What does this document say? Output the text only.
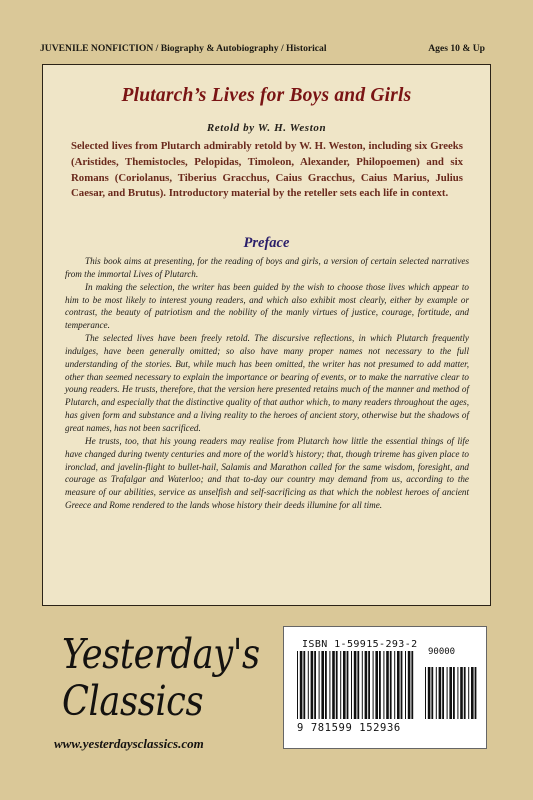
JUVENILE NONFICTION / Biography & Autobiography / Historical	Ages 10 & Up
Plutarch’s Lives for Boys and Girls
Retold by W. H. Weston
Selected lives from Plutarch admirably retold by W. H. Weston, including six Greeks (Aristides, Themistocles, Pelopidas, Timoleon, Alexander, Philopoemen) and six Romans (Coriolanus, Tiberius Gracchus, Caius Gracchus, Caius Marius, Julius Caesar, and Brutus). Introductory material by the reteller sets each life in context.
Preface

This book aims at presenting, for the reading of boys and girls, a version of certain selected narratives from the immortal Lives of Plutarch.

In making the selection, the writer has been guided by the wish to choose those lives which appear to him to be most likely to interest young readers, and which also exhibit most clearly, either by example or contrast, the beauty of patriotism and the nobility of the manly virtues of justice, courage, fortitude, and temperance.

The selected lives have been freely retold. The discursive reflections, in which Plutarch frequently indulges, have been generally omitted; so also have many proper names not necessary to the full understanding of the stories. But, while much has been omitted, the writer has not presumed to add matter, other than seemed necessary to explain the importance or bearing of events, or to make the narrative clear to young readers. He trusts, therefore, that the version here presented retains much of the manner and method of Plutarch, and especially that the distinctive quality of that author which, to many readers throughout the ages, has given form and substance and a living reality to the heroes of ancient story, otherwise but the shadows of great names, has not been sacrificed.

He trusts, too, that his young readers may realise from Plutarch how little the essential things of life have changed during twenty centuries and more of the world’s history; that, though trireme has given place to ironclad, and javelin-flight to bullet-hail, Salamis and Marathon called for the same wisdom, foresight, and courage as Trafalgar and Waterloo; and that to-day our country may demand from us, according to the measure of our abilities, service as unselfish and self-sacrificing as that which the noblest heroes of ancient Greece and Rome rendered to the lands whose history their deeds illumine for all time.

Yesterday's
Classics
www.yesterdaysclassics.com
ISBN 1-59915-293-2
90000
9 781599 152936
